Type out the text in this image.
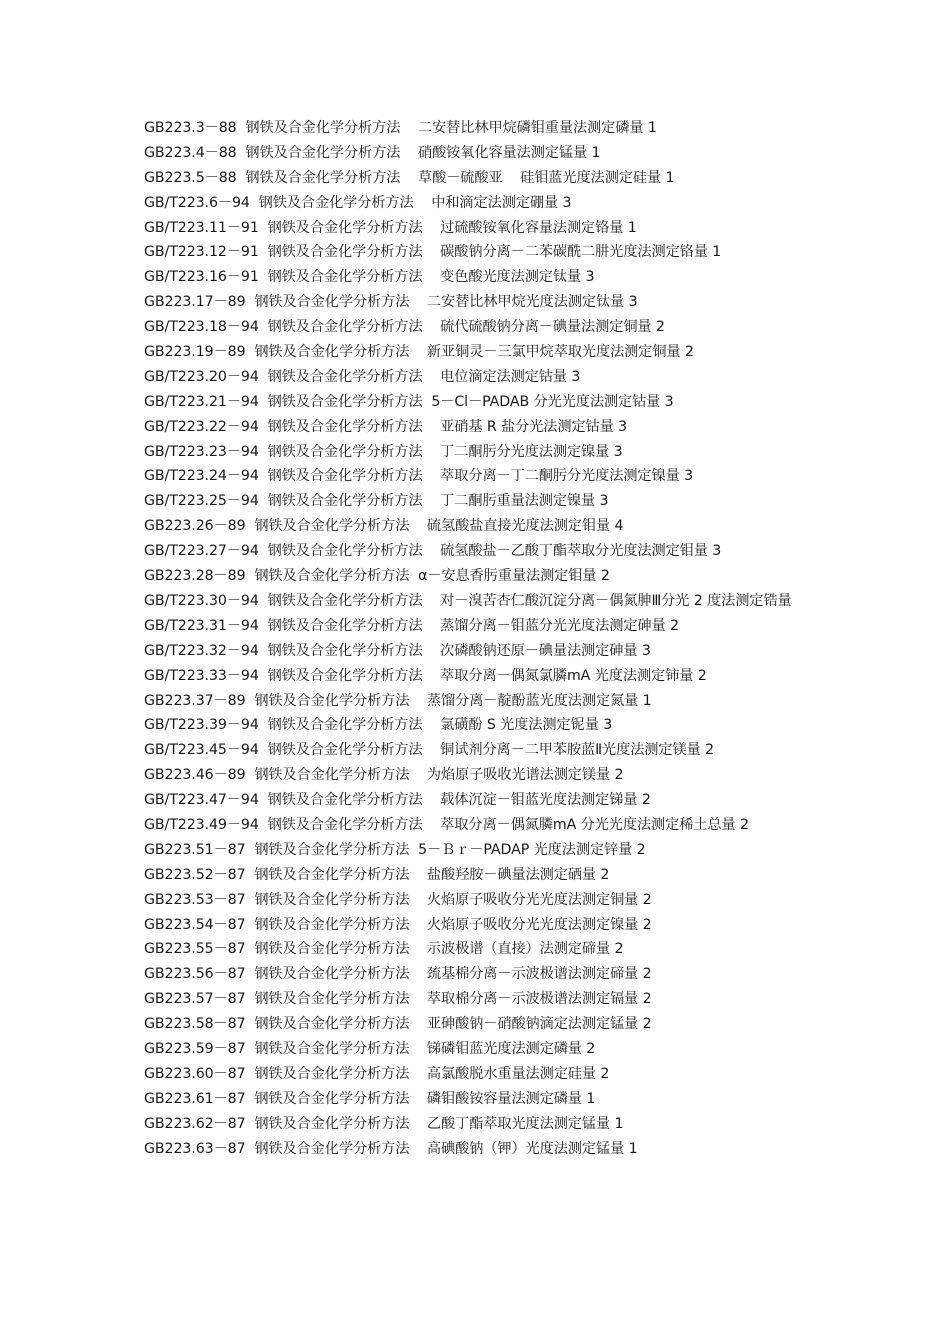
GB223.3－88  钢铁及合金化学分析方法    二安替比林甲烷磷钼重量法测定磷量 1
GB223.4－88  钢铁及合金化学分析方法    硝酸铵氧化容量法测定锰量 1
GB223.5－88  钢铁及合金化学分析方法    草酸－硫酸亚    硅钼蓝光度法测定硅量 1
GB/T223.6－94  钢铁及合金化学分析方法    中和滴定法测定硼量 3
GB/T223.11－91  钢铁及合金化学分析方法    过硫酸铵氧化容量法测定铬量 1
GB/T223.12－91  钢铁及合金化学分析方法    碳酸钠分离－二苯碳酰二肼光度法测定铬量 1
GB/T223.16－91  钢铁及合金化学分析方法    变色酸光度法测定钛量 3
GB223.17－89  钢铁及合金化学分析方法    二安替比林甲烷光度法测定钛量 3
GB/T223.18－94  钢铁及合金化学分析方法    硫代硫酸钠分离－碘量法测定铜量 2
GB223.19－89  钢铁及合金化学分析方法    新亚铜灵－三氯甲烷萃取光度法测定铜量 2
GB/T223.20－94  钢铁及合金化学分析方法    电位滴定法测定钴量 3
GB/T223.21－94  钢铁及合金化学分析方法  5－Cl－PADAB 分光光度法测定钴量 3
GB/T223.22－94  钢铁及合金化学分析方法    亚硝基 R 盐分光法测定钴量 3
GB/T223.23－94  钢铁及合金化学分析方法    丁二酮肟分光度法测定镍量 3
GB/T223.24－94  钢铁及合金化学分析方法    萃取分离－丁二酮肟分光度法测定镍量 3
GB/T223.25－94  钢铁及合金化学分析方法    丁二酮肟重量法测定镍量 3
GB223.26－89  钢铁及合金化学分析方法    硫氢酸盐直接光度法测定钼量 4
GB/T223.27－94  钢铁及合金化学分析方法    硫氢酸盐－乙酸丁酯萃取分光度法测定钼量 3
GB223.28－89  钢铁及合金化学分析方法  α－安息香肟重量法测定钼量 2
GB/T223.30－94  钢铁及合金化学分析方法    对－溴苦杏仁酸沉淀分离－偶氮胂Ⅲ分光 2 度法测定锆量
GB/T223.31－94  钢铁及合金化学分析方法    蒸馏分离－钼蓝分光光度法测定砷量 2
GB/T223.32－94  钢铁及合金化学分析方法    次磷酸钠还原－碘量法测定砷量 3
GB/T223.33－94  钢铁及合金化学分析方法    萃取分离－偶氮氯膦mA 光度法测定铈量 2
GB223.37－89  钢铁及合金化学分析方法    蒸馏分离－靛酚蓝光度法测定氮量 1
GB/T223.39－94  钢铁及合金化学分析方法    氯磺酚 S 光度法测定铌量 3
GB/T223.45－94  钢铁及合金化学分析方法    铜试剂分离－二甲苯胺蓝Ⅱ光度法测定镁量 2
GB223.46－89  钢铁及合金化学分析方法    为焰原子吸收光谱法测定镁量 2
GB/T223.47－94  钢铁及合金化学分析方法    载体沉淀－钼蓝光度法测定锑量 2
GB/T223.49－94  钢铁及合金化学分析方法    萃取分离－偶氮膦mA 分光光度法测定稀土总量 2
GB223.51－87  钢铁及合金化学分析方法  5－Ｂｒ－PADAP 光度法测定锌量 2
GB223.52－87  钢铁及合金化学分析方法    盐酸羟胺－碘量法测定硒量 2
GB223.53－87  钢铁及合金化学分析方法    火焰原子吸收分光光度法测定铜量 2
GB223.54－87  钢铁及合金化学分析方法    火焰原子吸收分光光度法测定镍量 2
GB223.55－87  钢铁及合金化学分析方法    示波极谱（直接）法测定碲量 2
GB223.56－87  钢铁及合金化学分析方法    巯基棉分离－示波极谱法测定碲量 2
GB223.57－87  钢铁及合金化学分析方法    萃取棉分离－示波极谱法测定镉量 2
GB223.58－87  钢铁及合金化学分析方法    亚砷酸钠－硝酸钠滴定法测定锰量 2
GB223.59－87  钢铁及合金化学分析方法    锑磷钼蓝光度法测定磷量 2
GB223.60－87  钢铁及合金化学分析方法    高氯酸脱水重量法测定硅量 2
GB223.61－87  钢铁及合金化学分析方法    磷钼酸铵容量法测定磷量 1
GB223.62－87  钢铁及合金化学分析方法    乙酸丁酯萃取光度法测定锰量 1
GB223.63－87  钢铁及合金化学分析方法    高碘酸钠（钾）光度法测定锰量 1
